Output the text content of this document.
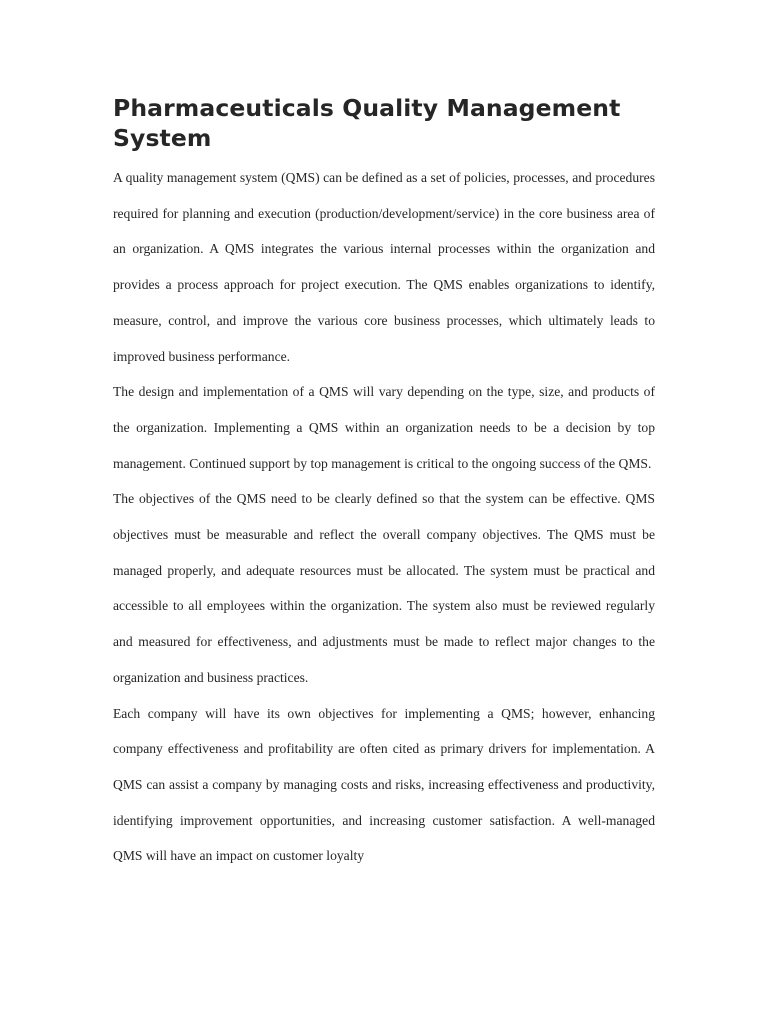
Pharmaceuticals Quality Management System

A quality management system (QMS) can be defined as a set of policies, processes, and procedures required for planning and execution (production/development/service) in the core business area of an organization. A QMS integrates the various internal processes within the organization and provides a process approach for project execution. The QMS enables organizations to identify, measure, control, and improve the various core business processes, which ultimately leads to improved business performance.

The design and implementation of a QMS will vary depending on the type, size, and products of the organization. Implementing a QMS within an organization needs to be a decision by top management. Continued support by top management is critical to the ongoing success of the QMS.

The objectives of the QMS need to be clearly defined so that the system can be effective. QMS objectives must be measurable and reflect the overall company objectives. The QMS must be managed properly, and adequate resources must be allocated. The system must be practical and accessible to all employees within the organization. The system also must be reviewed regularly and measured for effectiveness, and adjustments must be made to reflect major changes to the organization and business practices.

Each company will have its own objectives for implementing a QMS; however, enhancing company effectiveness and profitability are often cited as primary drivers for implementation. A QMS can assist a company by managing costs and risks, increasing effectiveness and productivity, identifying improvement opportunities, and increasing customer satisfaction. A well-managed QMS will have an impact on customer loyalty
